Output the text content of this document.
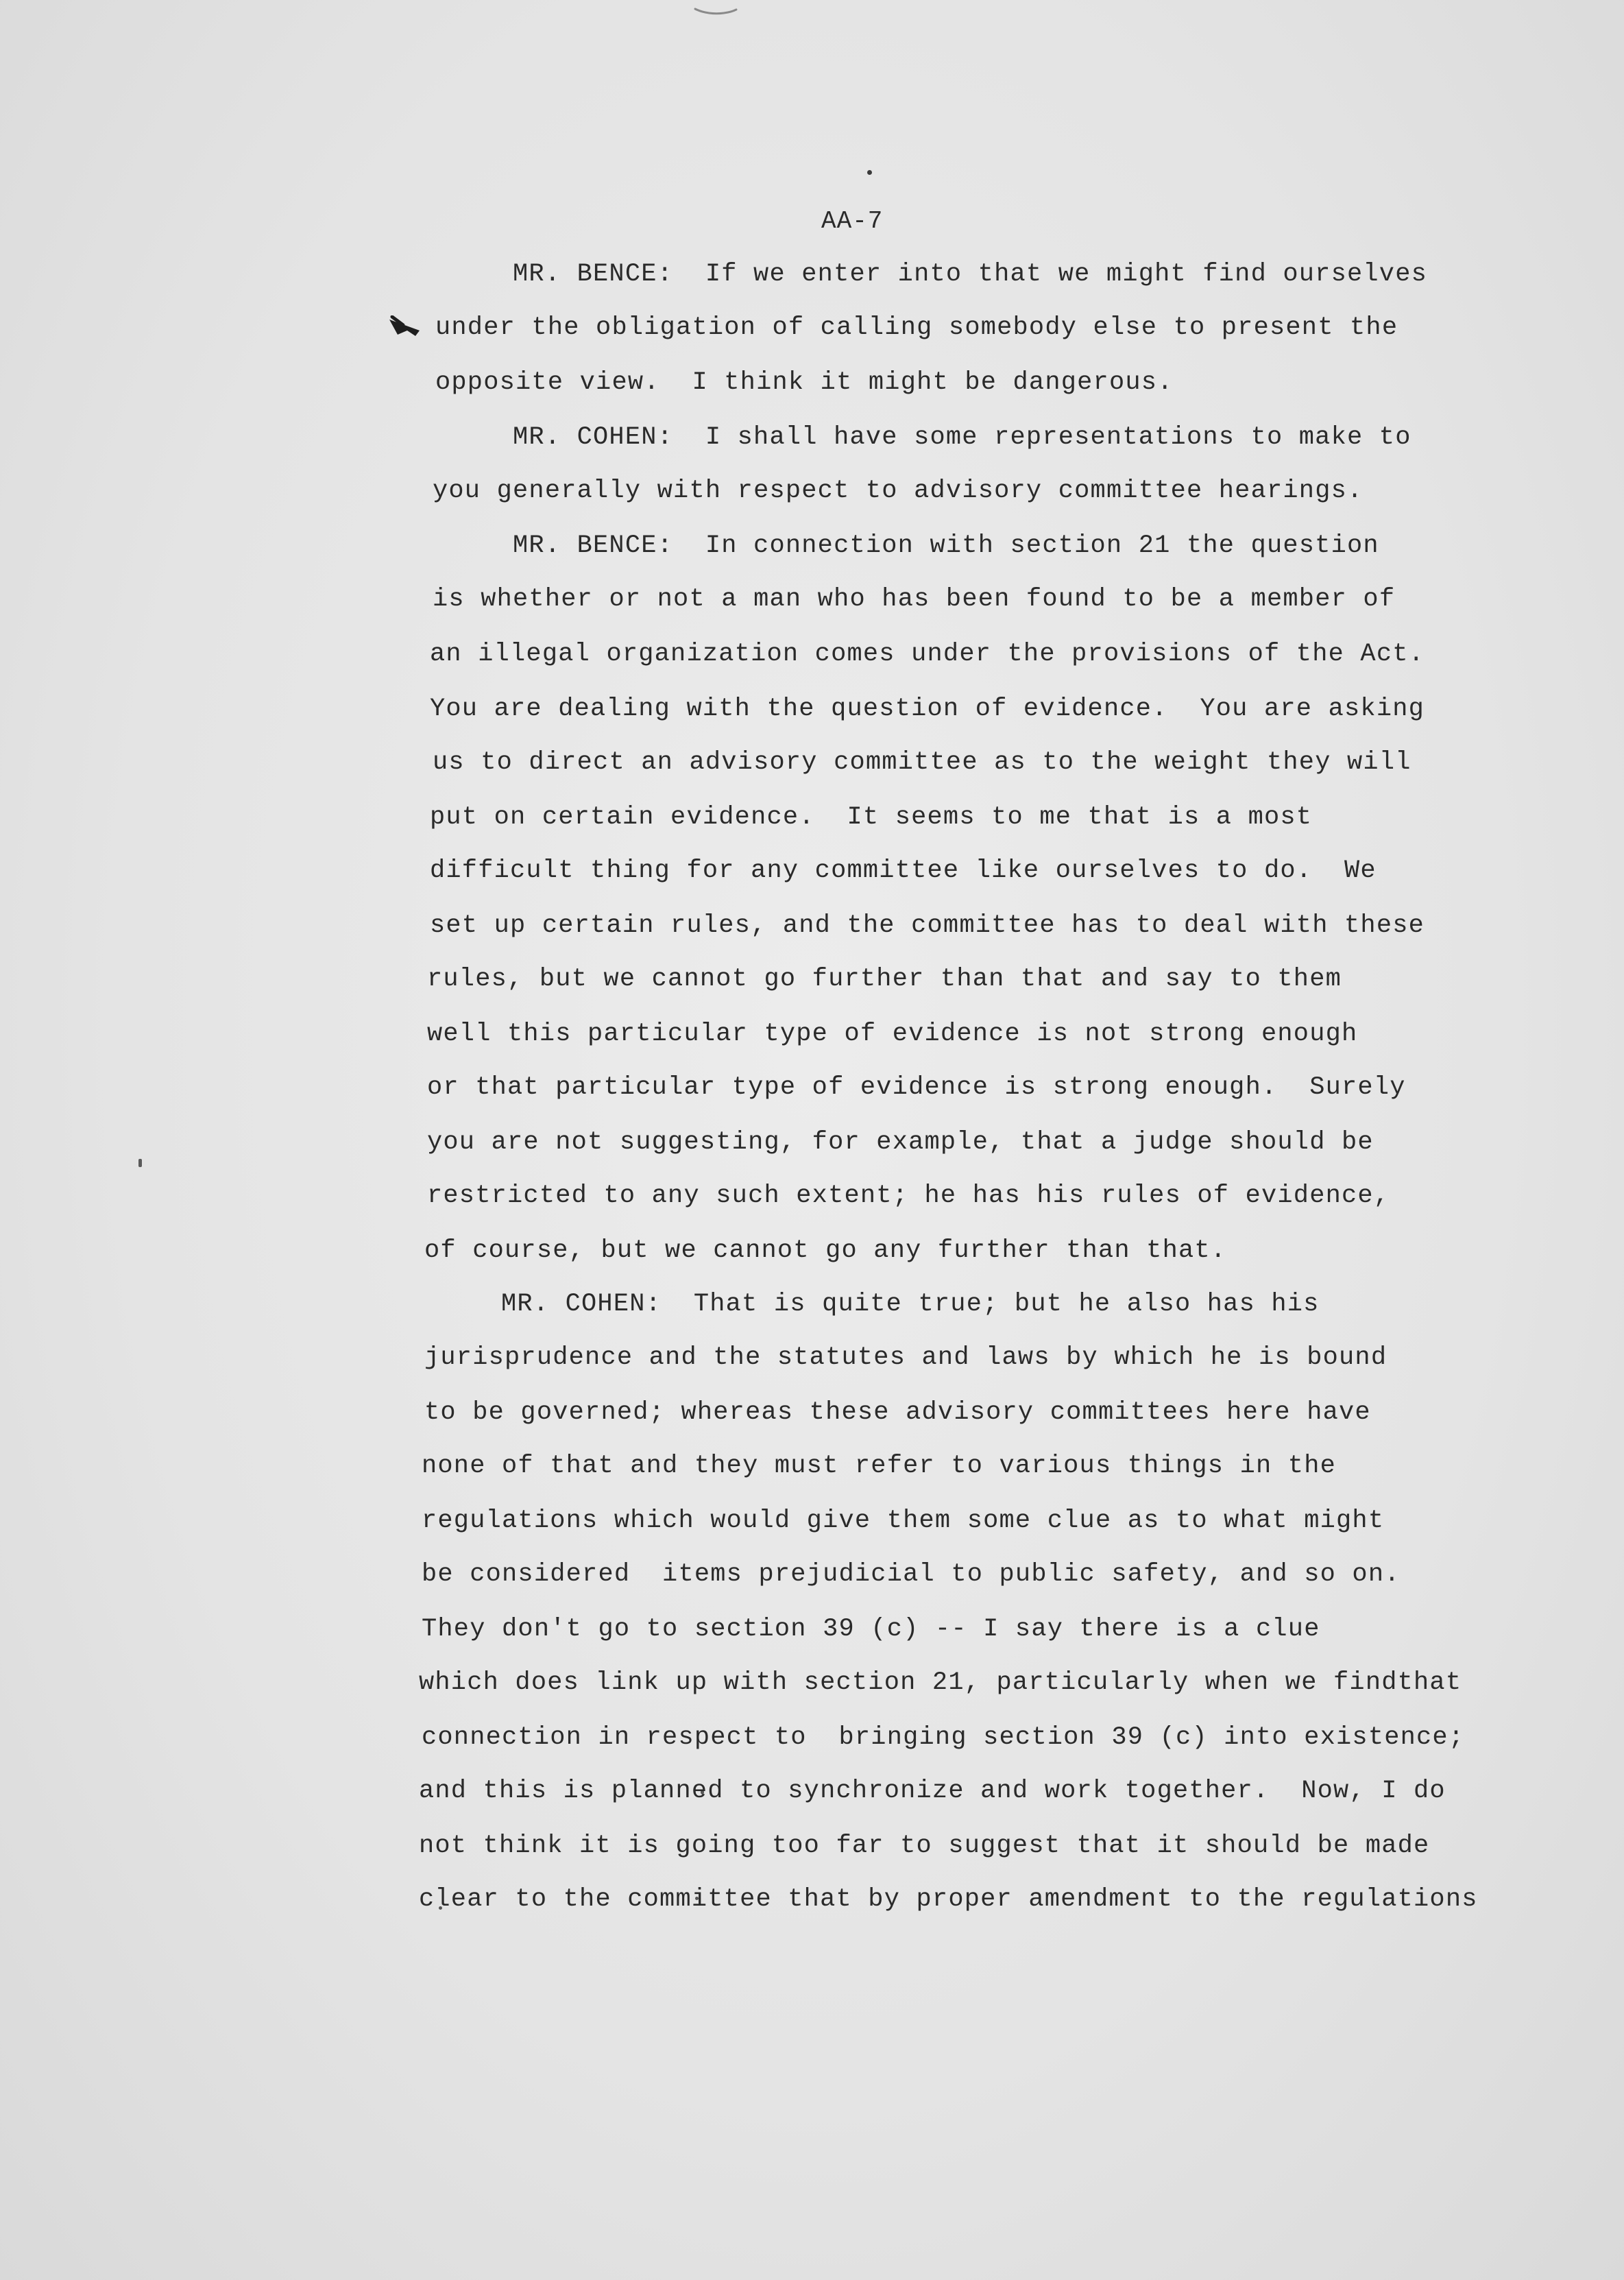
AA-7
MR. BENCE:  If we enter into that we might find ourselves
under the obligation of calling somebody else to present the
opposite view.  I think it might be dangerous.
MR. COHEN:  I shall have some representations to make to
you generally with respect to advisory committee hearings.
MR. BENCE:  In connection with section 21 the question
is whether or not a man who has been found to be a member of
an illegal organization comes under the provisions of the Act.
You are dealing with the question of evidence.  You are asking
us to direct an advisory committee as to the weight they will
put on certain evidence.  It seems to me that is a most
difficult thing for any committee like ourselves to do.  We
set up certain rules, and the committee has to deal with these
rules, but we cannot go further than that and say to them
well this particular type of evidence is not strong enough
or that particular type of evidence is strong enough.  Surely
you are not suggesting, for example, that a judge should be
restricted to any such extent; he has his rules of evidence,
of course, but we cannot go any further than that.
MR. COHEN:  That is quite true; but he also has his
jurisprudence and the statutes and laws by which he is bound
to be governed; whereas these advisory committees here have
none of that and they must refer to various things in the
regulations which would give them some clue as to what might
be considered  items prejudicial to public safety, and so on.
They don't go to section 39 (c) -- I say there is a clue
which does link up with section 21, particularly when we findthat
connection in respect to  bringing section 39 (c) into existence;
and this is planned to synchronize and work together.  Now, I do
not think it is going too far to suggest that it should be made
clear to the committee that by proper amendment to the regulations
